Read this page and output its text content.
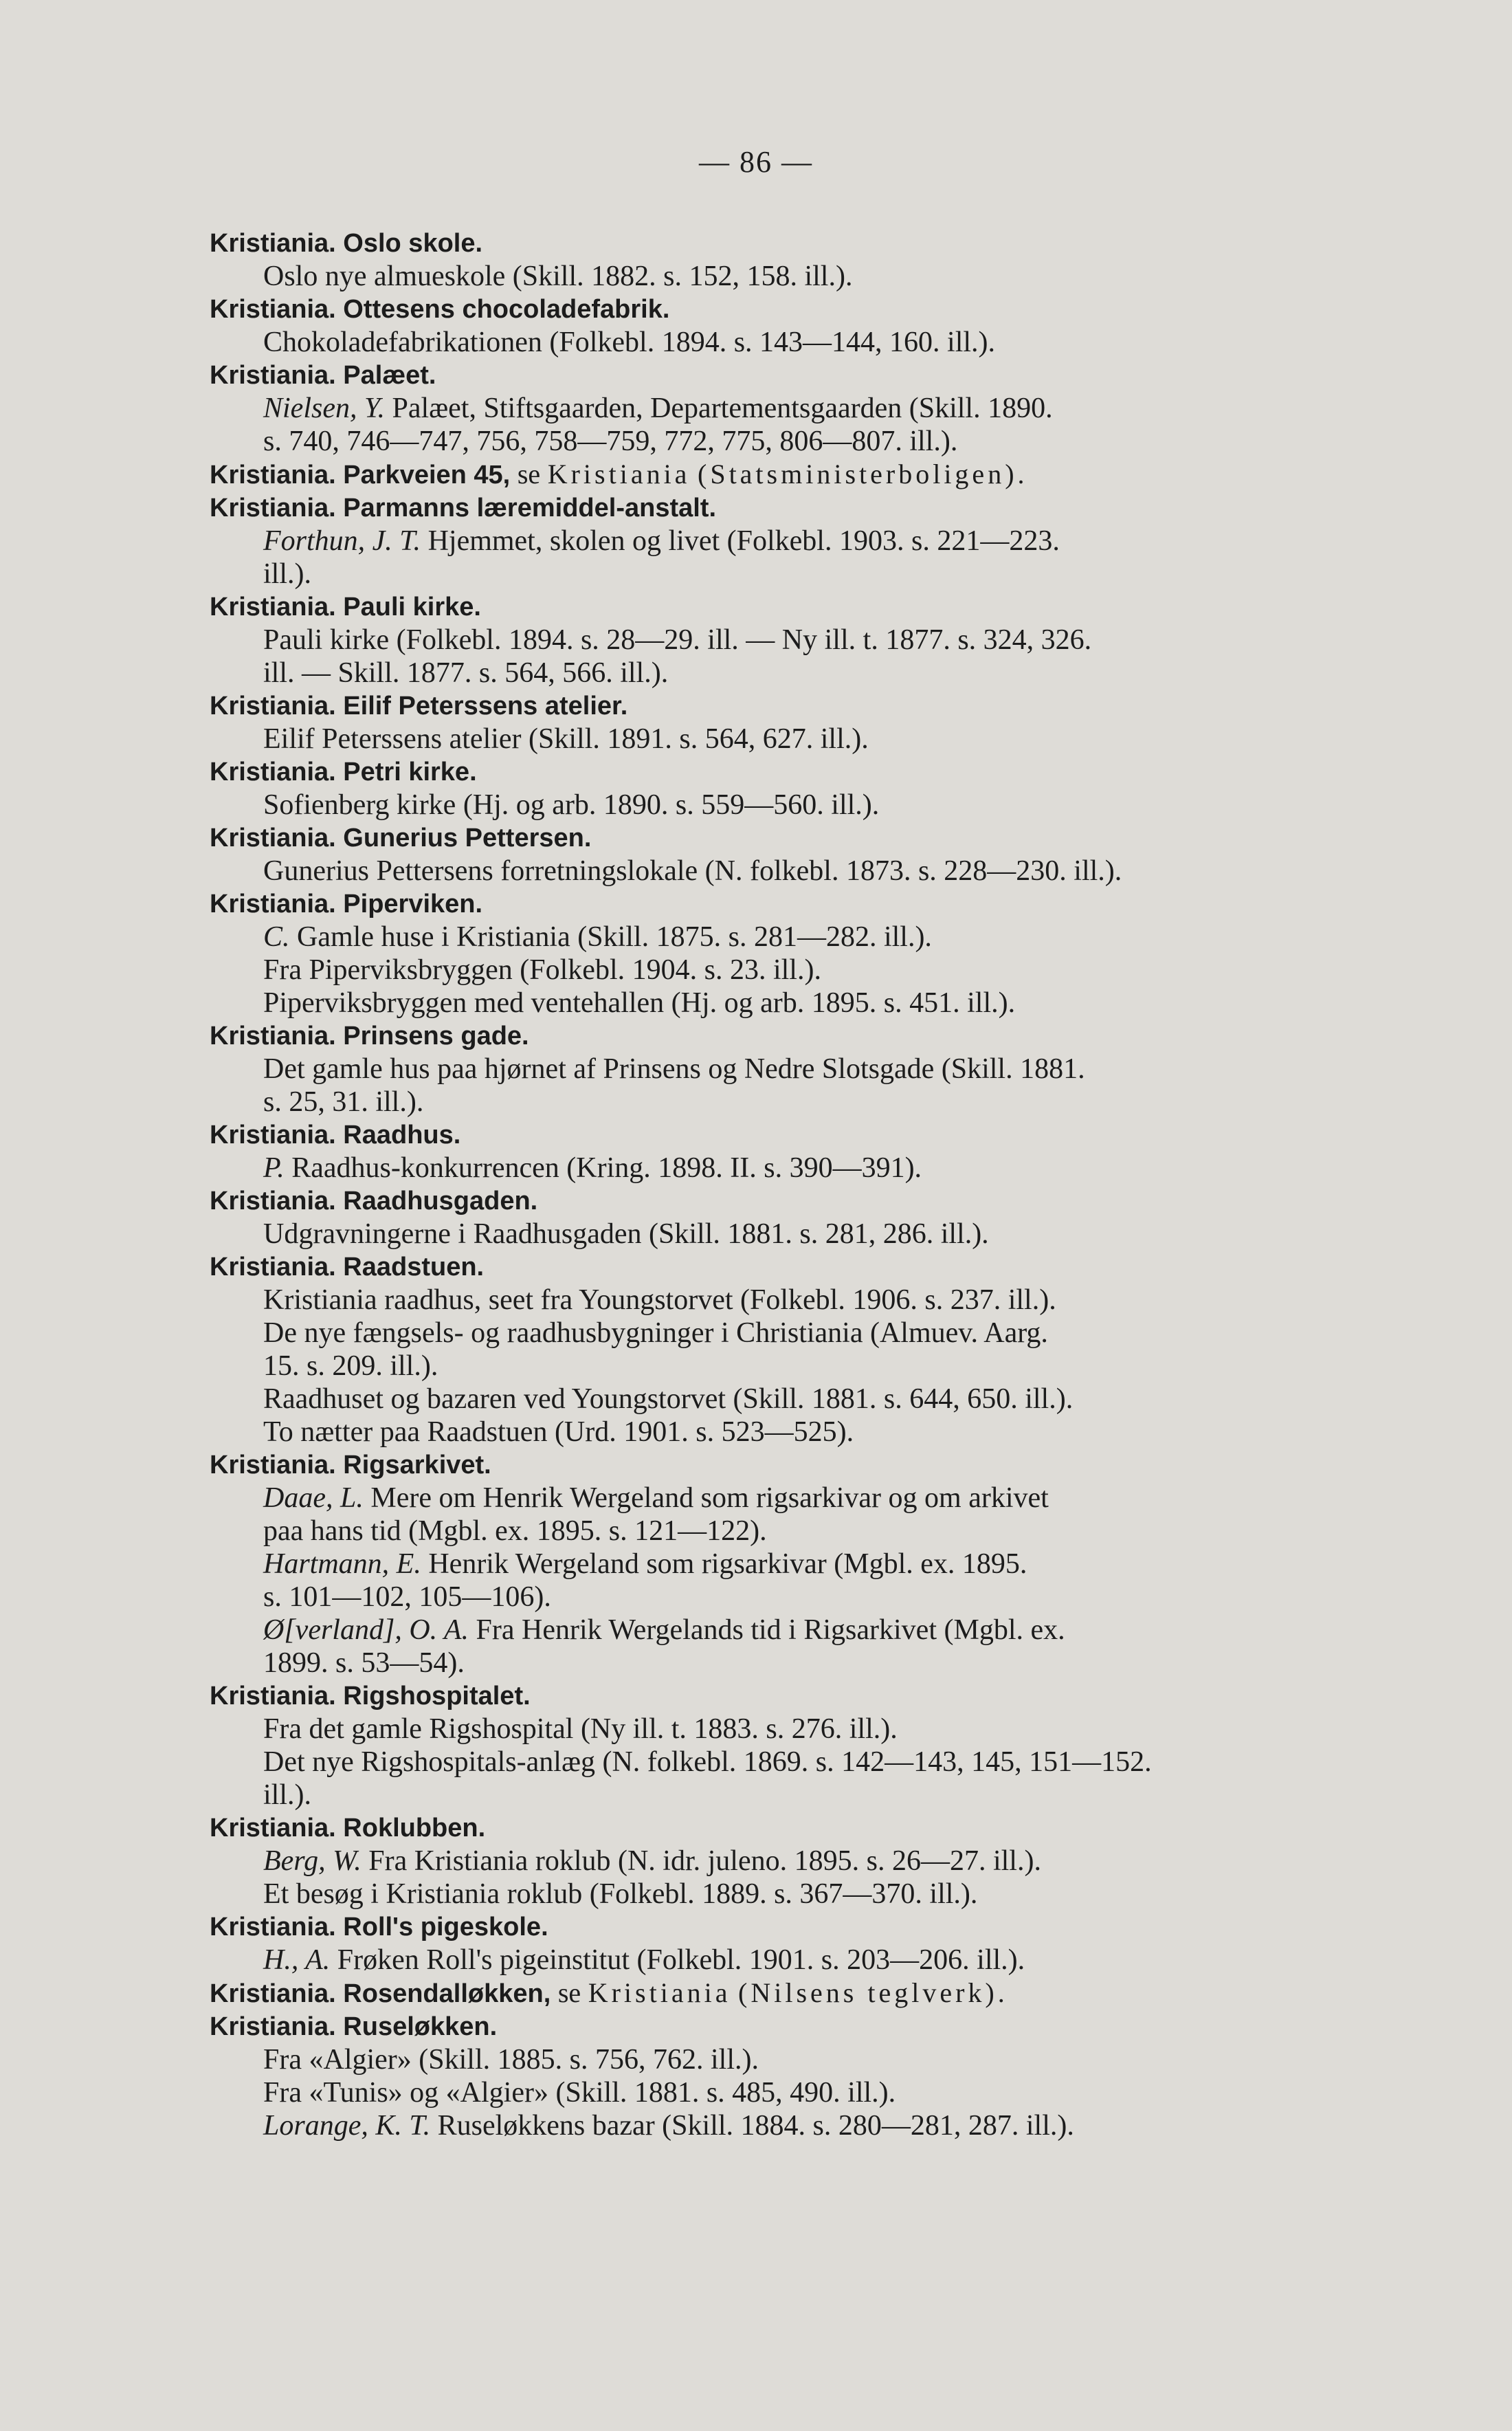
— 86 —
Kristiania. Oslo skole.
Oslo nye almueskole (Skill. 1882. s. 152, 158. ill.).
Kristiania. Ottesens chocoladefabrik.
Chokoladefabrikationen (Folkebl. 1894. s. 143—144, 160. ill.).
Kristiania. Palæet.
Nielsen, Y. Palæet, Stiftsgaarden, Departementsgaarden (Skill. 1890.
s. 740, 746—747, 756, 758—759, 772, 775, 806—807. ill.).
Kristiania. Parkveien 45, se Kristiania (Statsministerboligen).
Kristiania. Parmanns læremiddel-anstalt.
Forthun, J. T. Hjemmet, skolen og livet (Folkebl. 1903. s. 221—223.
ill.).
Kristiania. Pauli kirke.
Pauli kirke (Folkebl. 1894. s. 28—29. ill. — Ny ill. t. 1877. s. 324, 326.
ill. — Skill. 1877. s. 564, 566. ill.).
Kristiania. Eilif Peterssens atelier.
Eilif Peterssens atelier (Skill. 1891. s. 564, 627. ill.).
Kristiania. Petri kirke.
Sofienberg kirke (Hj. og arb. 1890. s. 559—560. ill.).
Kristiania. Gunerius Pettersen.
Gunerius Pettersens forretningslokale (N. folkebl. 1873. s. 228—230. ill.).
Kristiania. Piperviken.
C. Gamle huse i Kristiania (Skill. 1875. s. 281—282. ill.).
Fra Piperviksbryggen (Folkebl. 1904. s. 23. ill.).
Piperviksbryggen med ventehallen (Hj. og arb. 1895. s. 451. ill.).
Kristiania. Prinsens gade.
Det gamle hus paa hjørnet af Prinsens og Nedre Slotsgade (Skill. 1881.
s. 25, 31. ill.).
Kristiania. Raadhus.
P. Raadhus-konkurrencen (Kring. 1898. II. s. 390—391).
Kristiania. Raadhusgaden.
Udgravningerne i Raadhusgaden (Skill. 1881. s. 281, 286. ill.).
Kristiania. Raadstuen.
Kristiania raadhus, seet fra Youngstorvet (Folkebl. 1906. s. 237. ill.).
De nye fængsels- og raadhusbygninger i Christiania (Almuev. Aarg.
15. s. 209. ill.).
Raadhuset og bazaren ved Youngstorvet (Skill. 1881. s. 644, 650. ill.).
To nætter paa Raadstuen (Urd. 1901. s. 523—525).
Kristiania. Rigsarkivet.
Daae, L. Mere om Henrik Wergeland som rigsarkivar og om arkivet
paa hans tid (Mgbl. ex. 1895. s. 121—122).
Hartmann, E. Henrik Wergeland som rigsarkivar (Mgbl. ex. 1895.
s. 101—102, 105—106).
Ø[verland], O. A. Fra Henrik Wergelands tid i Rigsarkivet (Mgbl. ex.
1899. s. 53—54).
Kristiania. Rigshospitalet.
Fra det gamle Rigshospital (Ny ill. t. 1883. s. 276. ill.).
Det nye Rigshospitals-anlæg (N. folkebl. 1869. s. 142—143, 145, 151—152.
ill.).
Kristiania. Roklubben.
Berg, W. Fra Kristiania roklub (N. idr. juleno. 1895. s. 26—27. ill.).
Et besøg i Kristiania roklub (Folkebl. 1889. s. 367—370. ill.).
Kristiania. Roll's pigeskole.
H., A. Frøken Roll's pigeinstitut (Folkebl. 1901. s. 203—206. ill.).
Kristiania. Rosendalløkken, se Kristiania (Nilsens teglverk).
Kristiania. Ruseløkken.
Fra «Algier» (Skill. 1885. s. 756, 762. ill.).
Fra «Tunis» og «Algier» (Skill. 1881. s. 485, 490. ill.).
Lorange, K. T. Ruseløkkens bazar (Skill. 1884. s. 280—281, 287. ill.).
